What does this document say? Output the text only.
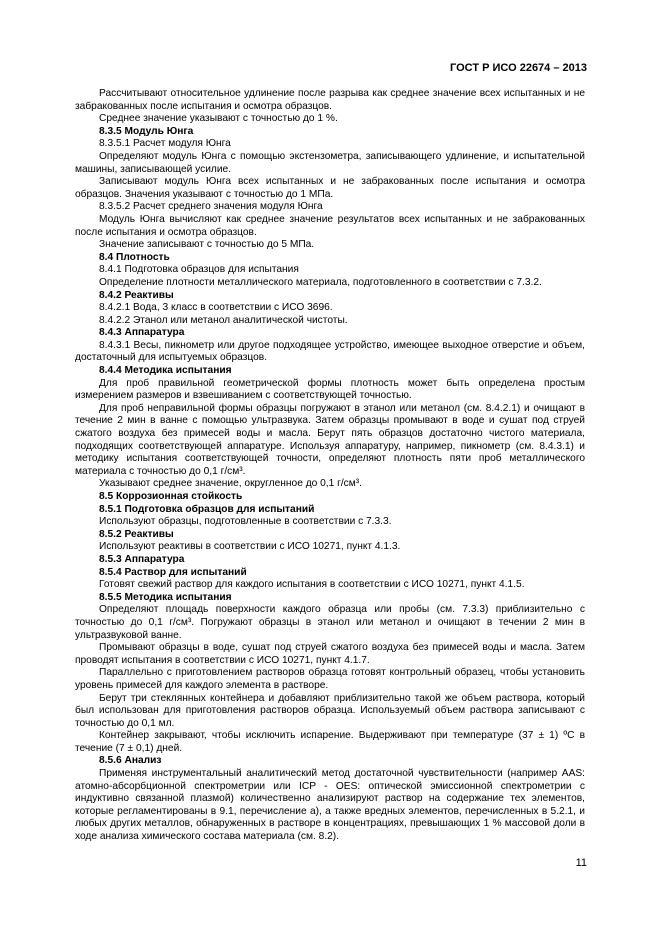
ГОСТ Р ИСО 22674 – 2013

Рассчитывают относительное удлинение после разрыва как среднее значение всех испытанных и не забракованных после испытания и осмотра образцов.

Среднее значение указывают с точностью до 1 %.

8.3.5 Модуль Юнга

8.3.5.1 Расчет модуля Юнга

Определяют модуль Юнга с помощью экстензометра, записывающего удлинение, и испытательной машины, записывающей усилие.

Записывают модуль Юнга всех испытанных и не забракованных после испытания и осмотра образцов. Значения указывают с точностью до 1 МПа.

8.3.5.2 Расчет среднего значения модуля Юнга

Модуль Юнга вычисляют как среднее значение результатов всех испытанных и не забракованных после испытания и осмотра образцов.

Значение записывают с точностью до 5 МПа.

8.4 Плотность

8.4.1 Подготовка образцов для испытания

Определение плотности металлического материала, подготовленного в соответствии с 7.3.2.

8.4.2 Реактивы

8.4.2.1 Вода, 3 класс в соответствии с ИСО 3696.

8.4.2.2 Этанол или метанол аналитической чистоты.

8.4.3 Аппаратура

8.4.3.1 Весы, пикнометр или другое подходящее устройство, имеющее выходное отверстие и объем, достаточный для испытуемых образцов.

8.4.4 Методика испытания

Для проб правильной геометрической формы плотность может быть определена простым измерением размеров и взвешиванием с соответствующей точностью.

Для проб неправильной формы образцы погружают в этанол или метанол (см. 8.4.2.1) и очищают в течение 2 мин в ванне с помощью ультразвука. Затем образцы промывают в воде и сушат под струей сжатого воздуха без примесей воды и масла. Берут пять образцов достаточно чистого материала, подходящих соответствующей аппаратуре. Используя аппаратуру, например, пикнометр (см. 8.4.3.1) и методику испытания соответствующей точности, определяют плотность пяти проб металлического материала с точностью до 0,1 г/см³.

Указывают среднее значение, округленное до 0,1 г/см³.

8.5 Коррозионная стойкость

8.5.1 Подготовка образцов для испытаний

Используют образцы, подготовленные в соответствии с 7.3.3.

8.5.2 Реактивы

Используют реактивы в соответствии с ИСО 10271, пункт 4.1.3.

8.5.3 Аппаратура

8.5.4 Раствор для испытаний

Готовят свежий раствор для каждого испытания в соответствии с ИСО 10271, пункт 4.1.5.

8.5.5 Методика испытания

Определяют площадь поверхности каждого образца или пробы (см. 7.3.3) приблизительно с точностью до 0,1 г/см³. Погружают образцы в этанол или метанол и очищают в течении 2 мин в ультразвуковой ванне.

Промывают образцы в воде, сушат под струей сжатого воздуха без примесей воды и масла. Затем проводят испытания в соответствии с ИСО 10271, пункт 4.1.7.

Параллельно с приготовлением растворов образца готовят контрольный образец, чтобы установить уровень примесей для каждого элемента в растворе.

Берут три стеклянных контейнера и добавляют приблизительно такой же объем раствора, который был использован для приготовления растворов образца. Используемый объем раствора записывают с точностью до 0,1 мл.

Контейнер закрывают, чтобы исключить испарение. Выдерживают при температуре (37 ± 1) ºС в течение (7 ± 0,1) дней.

8.5.6 Анализ

Применяя инструментальный аналитический метод достаточной чувствительности (например AAS: атомно-абсорбционной спектрометрии или ICP - OES: оптической эмиссионной спектрометрии с индуктивно связанной плазмой) количественно анализируют раствор на содержание тех элементов, которые регламентированы в 9.1, перечисление а), а также вредных элементов, перечисленных в 5.2.1, и любых других металлов, обнаруженных в растворе в концентрациях, превышающих 1 % массовой доли в ходе анализа химического состава материала (см. 8.2).

11
